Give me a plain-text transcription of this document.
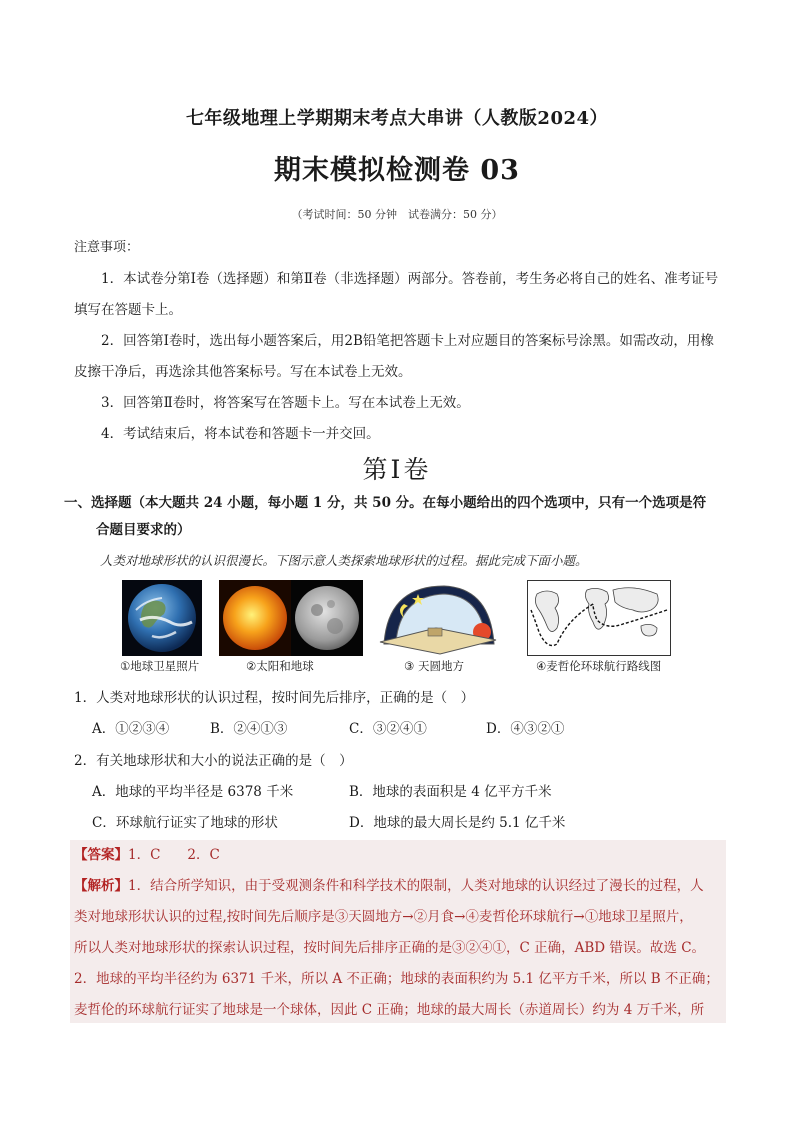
七年级地理上学期期末考点大串讲（人教版2024）
期末模拟检测卷 03
（考试时间：50 分钟　试卷满分：50 分）
注意事项：
1．本试卷分第Ⅰ卷（选择题）和第Ⅱ卷（非选择题）两部分。答卷前，考生务必将自己的姓名、准考证号填写在答题卡上。
2．回答第Ⅰ卷时，选出每小题答案后，用2B铅笔把答题卡上对应题目的答案标号涂黑。如需改动，用橡皮擦干净后，再选涂其他答案标号。写在本试卷上无效。
3．回答第Ⅱ卷时，将答案写在答题卡上。写在本试卷上无效。
4．考试结束后，将本试卷和答题卡一并交回。
第Ⅰ卷
一、选择题（本大题共 24 小题，每小题 1 分，共 50 分。在每小题给出的四个选项中，只有一个选项是符
合题目要求的）
人类对地球形状的认识很漫长。下图示意人类探索地球形状的过程。据此完成下面小题。
①地球卫星照片	②太阳和地球	③ 天圆地方	④麦哲伦环球航行路线图
1．人类对地球形状的认识过程，按时间先后排序，正确的是（　）
A．①②③④	B．②④①③	C．③②④①	D．④③②①
2．有关地球形状和大小的说法正确的是（　）
A．地球的平均半径是 6378 千米	B．地球的表面积是 4 亿平方千米
C．环球航行证实了地球的形状	D．地球的最大周长是约 5.1 亿千米
【答案】1．C　　2．C
【解析】1．结合所学知识，由于受观测条件和科学技术的限制，人类对地球的认识经过了漫长的过程，人
类对地球形状认识的过程,按时间先后顺序是③天圆地方→②月食→④麦哲伦环球航行→①地球卫星照片，
所以人类对地球形状的探索认识过程，按时间先后排序正确的是③②④①，C 正确，ABD 错误。故选 C。
2．地球的平均半径约为 6371 千米，所以 A 不正确；地球的表面积约为 5.1 亿平方千米，所以 B 不正确；
麦哲伦的环球航行证实了地球是一个球体，因此 C 正确；地球的最大周长（赤道周长）约为 4 万千米，所
